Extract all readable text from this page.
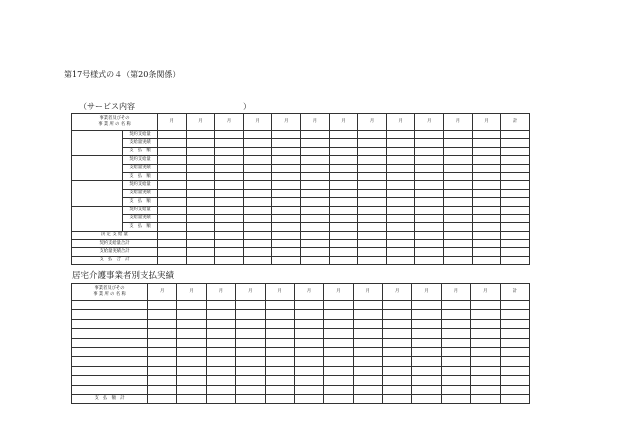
第17号様式の４（第20条関係）
（サービス内容	）
事業者及びその
事 業 所 の 名 称		月	月	月	月	月	月	月	月	月	月	月	月	計
	契約支給量													
	支給量実績													
	支　払　額													
	契約支給量													
	支給量実績													
	支　払　額													
	契約支給量													
	支給量実績													
	支　払　額													
	契約支給量													
	支給量実績													
	支　払　額													
決 定 支 給 量														
契約支給量合計														
支給量実績合計														
支　払　合　計														
居宅介護事業者別支払実績
事業者及びその
事 業 所 の 名 称	月	月	月	月	月	月	月	月	月	月	月	月	計

支　払　額　計													
